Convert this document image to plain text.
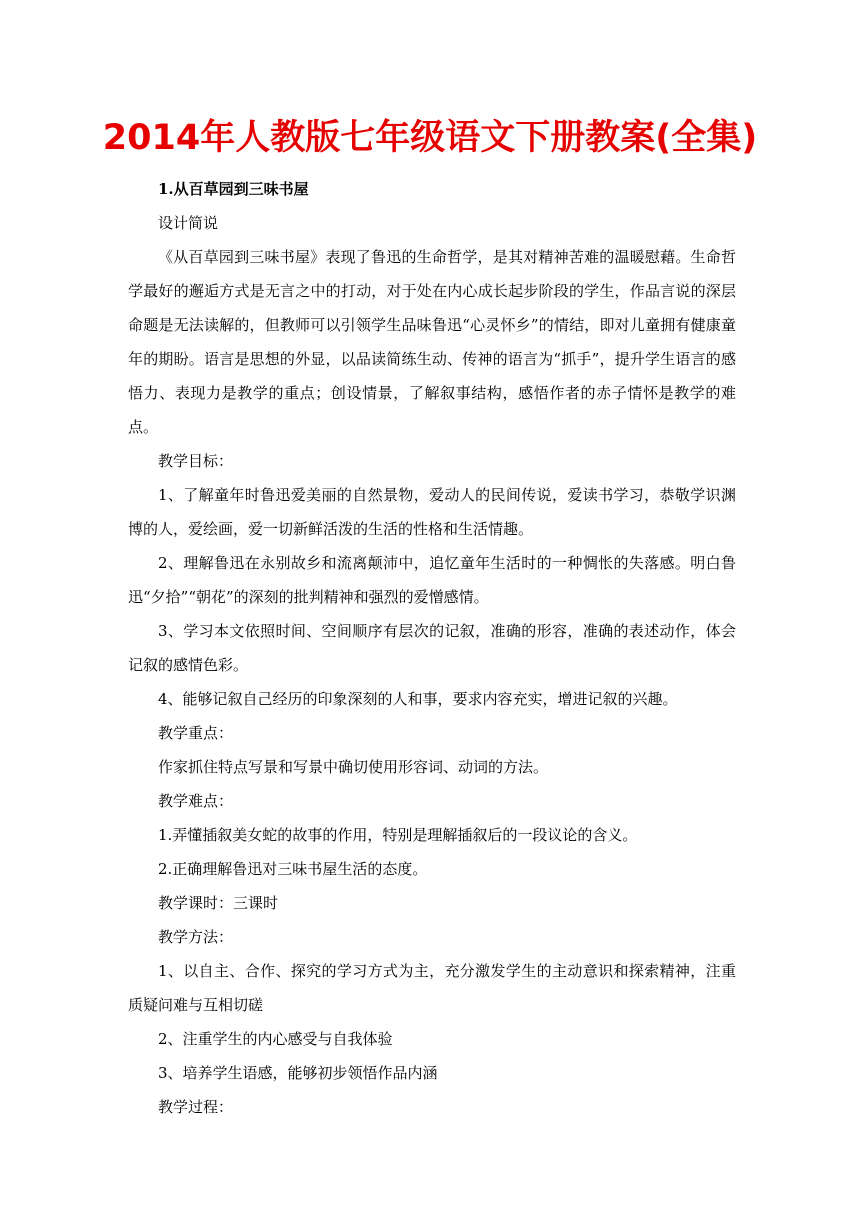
2014年人教版七年级语文下册教案(全集)

1.从百草园到三味书屋

设计简说

《从百草园到三味书屋》表现了鲁迅的生命哲学，是其对精神苦难的温暖慰藉。生命哲学最好的邂逅方式是无言之中的打动，对于处在内心成长起步阶段的学生，作品言说的深层命题是无法读解的，但教师可以引领学生品味鲁迅“心灵怀乡”的情结，即对儿童拥有健康童年的期盼。语言是思想的外显，以品读简练生动、传神的语言为“抓手”，提升学生语言的感悟力、表现力是教学的重点；创设情景，了解叙事结构，感悟作者的赤子情怀是教学的难点。

教学目标：

1、了解童年时鲁迅爱美丽的自然景物，爱动人的民间传说，爱读书学习，恭敬学识渊博的人，爱绘画，爱一切新鲜活泼的生活的性格和生活情趣。

2、理解鲁迅在永别故乡和流离颠沛中，追忆童年生活时的一种惆怅的失落感。明白鲁迅“夕拾”“朝花”的深刻的批判精神和强烈的爱憎感情。

3、学习本文依照时间、空间顺序有层次的记叙，准确的形容，准确的表述动作，体会记叙的感情色彩。

4、能够记叙自己经历的印象深刻的人和事，要求内容充实，增进记叙的兴趣。

教学重点：

作家抓住特点写景和写景中确切使用形容词、动词的方法。

教学难点：

1.弄懂插叙美女蛇的故事的作用，特别是理解插叙后的一段议论的含义。

2.正确理解鲁迅对三味书屋生活的态度。

教学课时：三课时

教学方法：

1、以自主、合作、探究的学习方式为主，充分激发学生的主动意识和探索精神，注重质疑问难与互相切磋

2、注重学生的内心感受与自我体验

3、培养学生语感，能够初步领悟作品内涵

教学过程：
